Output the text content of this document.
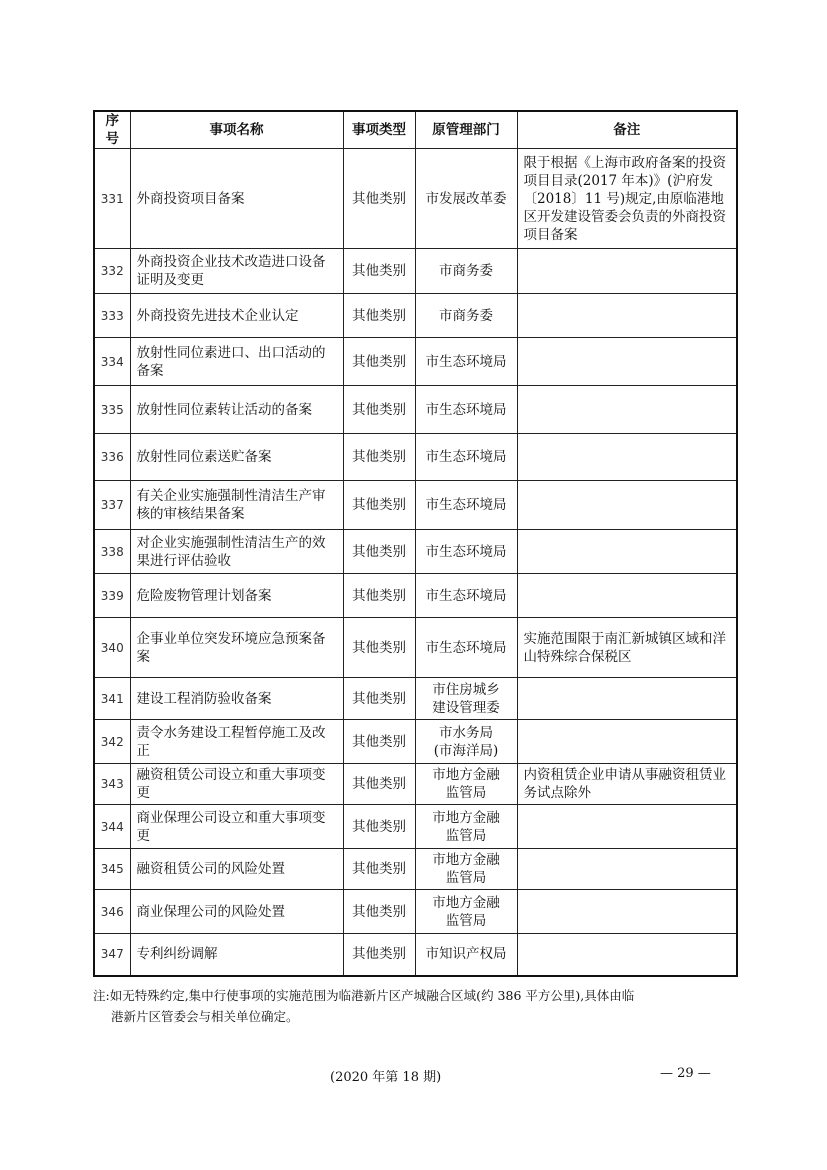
序号	事项名称	事项类型	原管理部门	备注
331	外商投资项目备案	其他类别	市发展改革委	限于根据《上海市政府备案的投资项目目录(2017 年本)》(沪府发〔2018〕11 号)规定,由原临港地区开发建设管委会负责的外商投资项目备案
332	外商投资企业技术改造进口设备证明及变更	其他类别	市商务委	
333	外商投资先进技术企业认定	其他类别	市商务委	
334	放射性同位素进口、出口活动的备案	其他类别	市生态环境局	
335	放射性同位素转让活动的备案	其他类别	市生态环境局	
336	放射性同位素送贮备案	其他类别	市生态环境局	
337	有关企业实施强制性清洁生产审核的审核结果备案	其他类别	市生态环境局	
338	对企业实施强制性清洁生产的效果进行评估验收	其他类别	市生态环境局	
339	危险废物管理计划备案	其他类别	市生态环境局	
340	企事业单位突发环境应急预案备案	其他类别	市生态环境局	实施范围限于南汇新城镇区域和洋山特殊综合保税区
341	建设工程消防验收备案	其他类别	市住房城乡
建设管理委	
342	责令水务建设工程暂停施工及改正	其他类别	市水务局
(市海洋局)	
343	融资租赁公司设立和重大事项变更	其他类别	市地方金融
监管局	内资租赁企业申请从事融资租赁业务试点除外
344	商业保理公司设立和重大事项变更	其他类别	市地方金融
监管局	
345	融资租赁公司的风险处置	其他类别	市地方金融
监管局	
346	商业保理公司的风险处置	其他类别	市地方金融
监管局	
347	专利纠纷调解	其他类别	市知识产权局	
注:如无特殊约定,集中行使事项的实施范围为临港新片区产城融合区域(约 386 平方公里),具体由临
港新片区管委会与相关单位确定。
(2020 年第 18 期)	— 29 —
